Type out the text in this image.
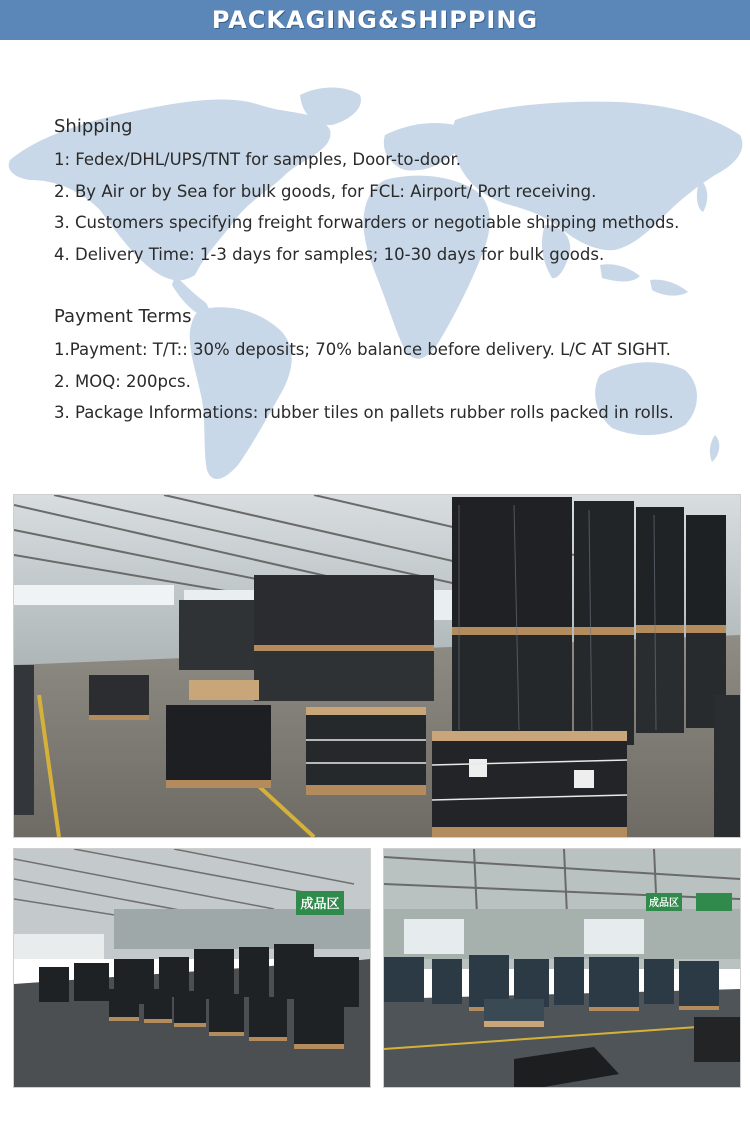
PACKAGING&SHIPPING
Shipping
1: Fedex/DHL/UPS/TNT for samples, Door-to-door.
2. By Air or by Sea for bulk goods, for FCL: Airport/ Port receiving.
3. Customers specifying freight forwarders or negotiable shipping methods.
4. Delivery Time: 1-3 days for samples; 10-30 days for bulk goods.
Payment Terms
1.Payment: T/T:: 30% deposits; 70% balance before delivery. L/C AT SIGHT.
2. MOQ: 200pcs.
3. Package Informations: rubber tiles on pallets rubber rolls packed in rolls.
成品区	成品区
